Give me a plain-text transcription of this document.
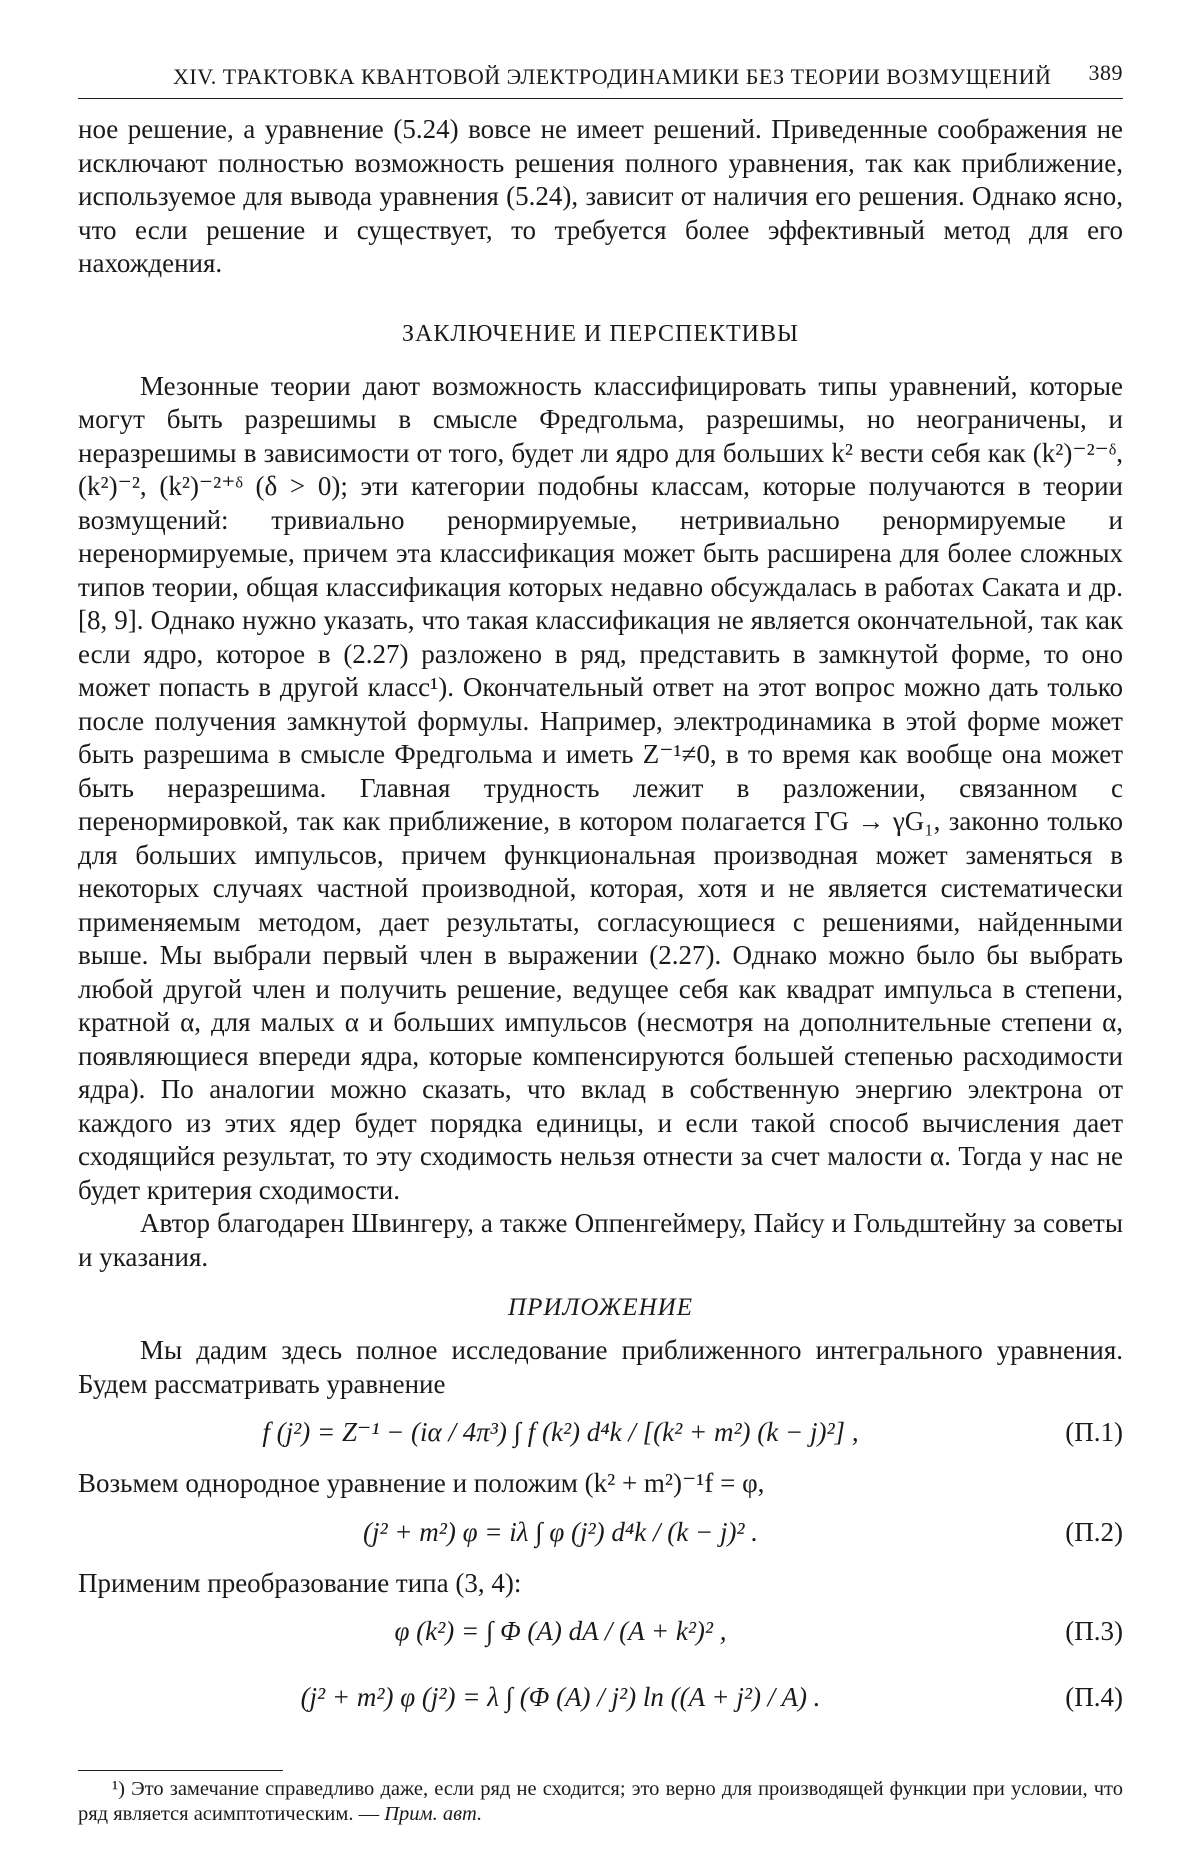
XIV. ТРАКТОВКА КВАНТОВОЙ ЭЛЕКТРОДИНАМИКИ БЕЗ ТЕОРИИ ВОЗМУЩЕНИЙ 389

ное решение, а уравнение (5.24) вовсе не имеет решений. Приведенные соображения не исключают полностью возможность решения полного уравнения, так как приближение, используемое для вывода уравнения (5.24), зависит от наличия его решения. Однако ясно, что если решение и существует, то требуется более эффективный метод для его нахождения.

ЗАКЛЮЧЕНИЕ И ПЕРСПЕКТИВЫ

Мезонные теории дают возможность классифицировать типы уравнений, которые могут быть разрешимы в смысле Фредгольма, разрешимы, но неограничены, и неразрешимы в зависимости от того, будет ли ядро для больших k² вести себя как (k²)⁻²⁻ᵟ, (k²)⁻², (k²)⁻²⁺ᵟ (δ > 0); эти категории подобны классам, которые получаются в теории возмущений: тривиально ренормируемые, нетривиально ренормируемые и неренормируемые, причем эта классификация может быть расширена для более сложных типов теории, общая классификация которых недавно обсуждалась в работах Саката и др. [8, 9]. Однако нужно указать, что такая классификация не является окончательной, так как если ядро, которое в (2.27) разложено в ряд, представить в замкнутой форме, то оно может попасть в другой класс¹). Окончательный ответ на этот вопрос можно дать только после получения замкнутой формулы. Например, электродинамика в этой форме может быть разрешима в смысле Фредгольма и иметь Z⁻¹≠0, в то время как вообще она может быть неразрешима. Главная трудность лежит в разложении, связанном с перенормировкой, так как приближение, в котором полагается ΓG → γG₁, законно только для больших импульсов, причем функциональная производная может заменяться в некоторых случаях частной производной, которая, хотя и не является систематически применяемым методом, дает результаты, согласующиеся с решениями, найденными выше. Мы выбрали первый член в выражении (2.27). Однако можно было бы выбрать любой другой член и получить решение, ведущее себя как квадрат импульса в степени, кратной α, для малых α и больших импульсов (несмотря на дополнительные степени α, появляющиеся впереди ядра, которые компенсируются большей степенью расходимости ядра). По аналогии можно сказать, что вклад в собственную энергию электрона от каждого из этих ядер будет порядка единицы, и если такой способ вычисления дает сходящийся результат, то эту сходимость нельзя отнести за счет малости α. Тогда у нас не будет критерия сходимости.

Автор благодарен Швингеру, а также Оппенгеймеру, Пайсу и Гольдштейну за советы и указания.

ПРИЛОЖЕНИЕ

Мы дадим здесь полное исследование приближенного интегрального уравнения. Будем рассматривать уравнение

f (j²) = Z⁻¹ − (iα / 4π³) ∫ f (k²) d⁴k / [(k² + m²) (k − j)²] ,	(П.1)

Возьмем однородное уравнение и положим (k² + m²)⁻¹f = φ,

(j² + m²) φ = iλ ∫ φ (j²) d⁴k / (k − j)² .	(П.2)

Применим преобразование типа (3, 4):

φ (k²) = ∫ Φ (A) dA / (A + k²)² ,	(П.3)
(j² + m²) φ (j²) = λ ∫ (Φ (A) / j²) ln ((A + j²) / A) .	(П.4)
¹) Это замечание справедливо даже, если ряд не сходится; это верно для производящей функции при условии, что ряд является асимптотическим. — Прим. авт.
